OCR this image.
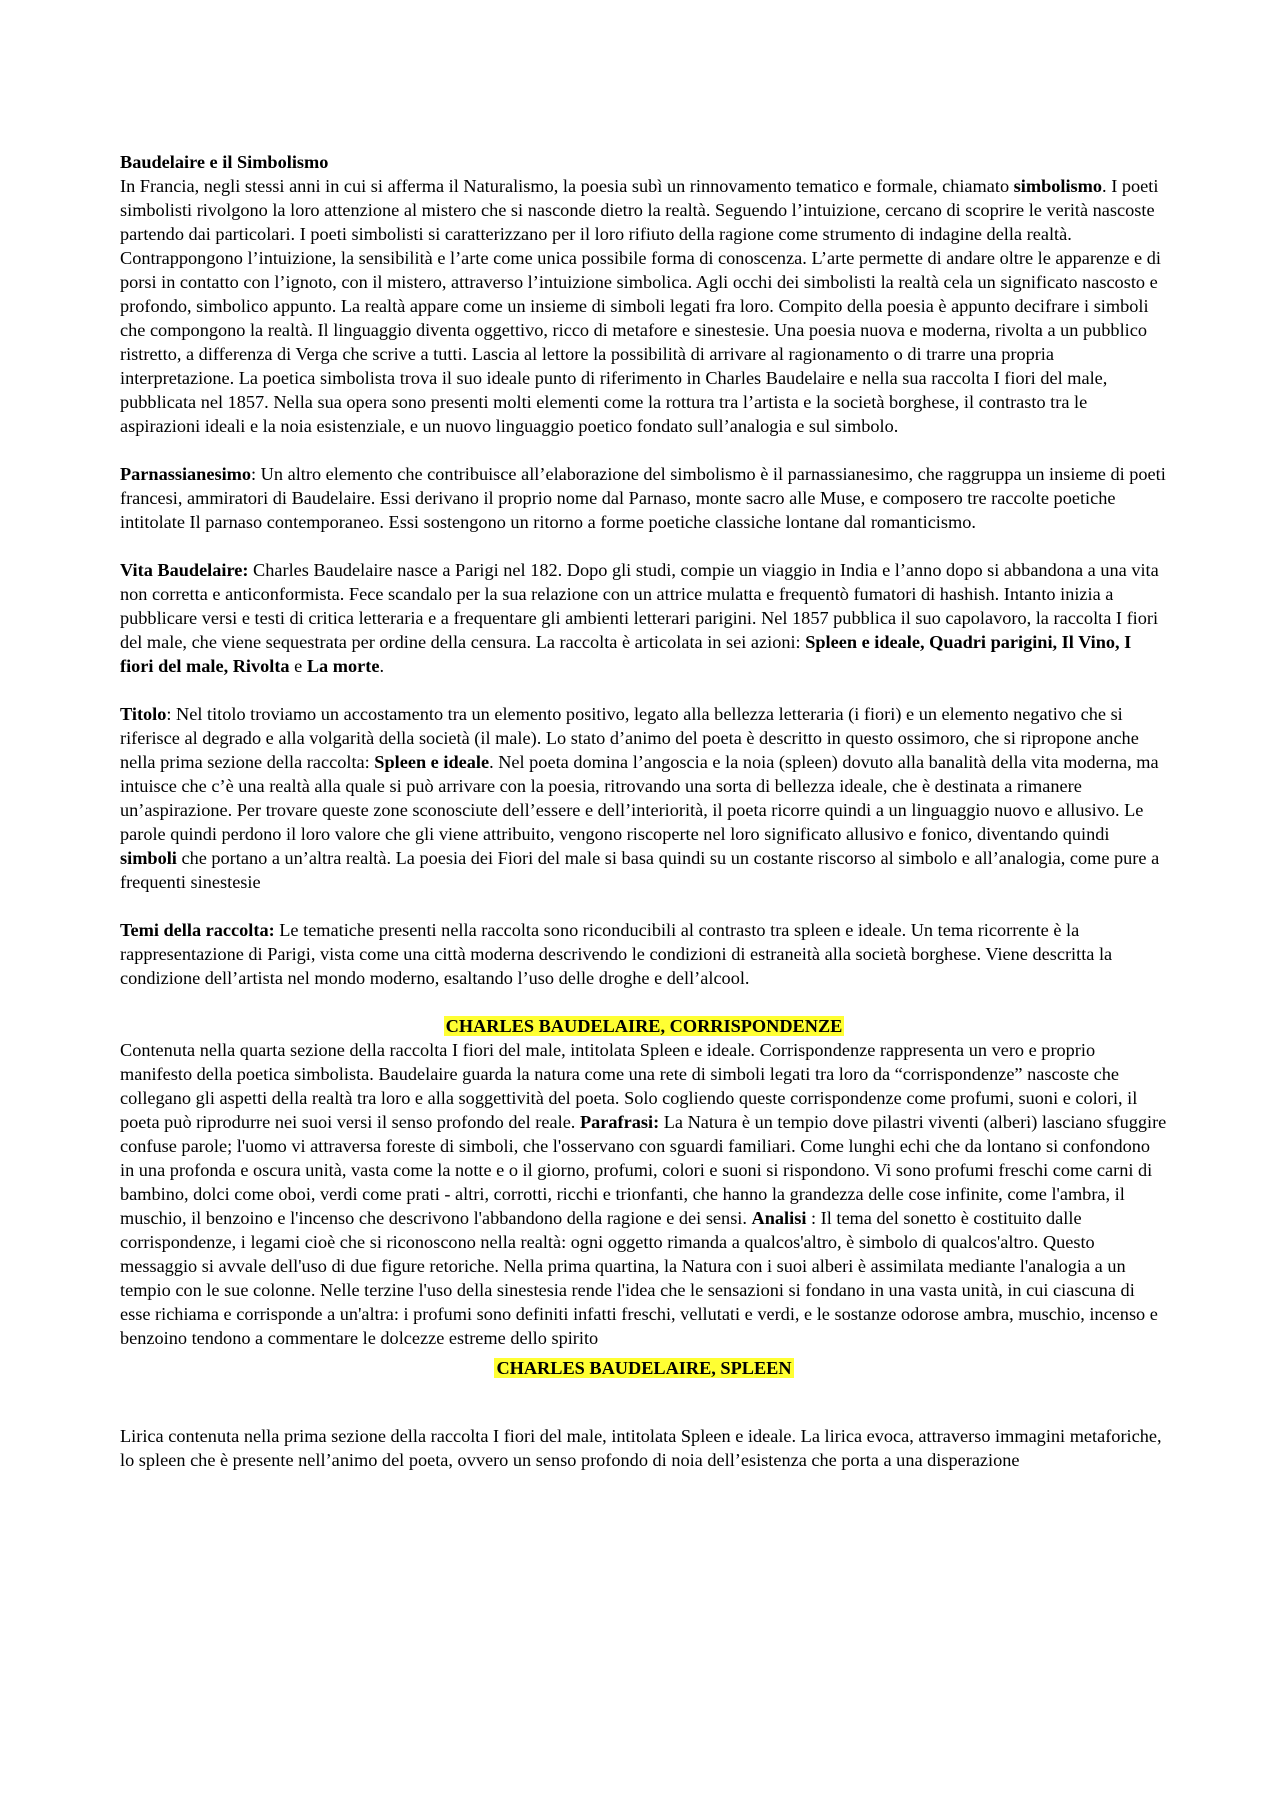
Baudelaire e il Simbolismo

In Francia, negli stessi anni in cui si afferma il Naturalismo, la poesia subì un rinnovamento tematico e formale, chiamato simbolismo. I poeti simbolisti rivolgono la loro attenzione al mistero che si nasconde dietro la realtà. Seguendo l’intuizione, cercano di scoprire le verità nascoste partendo dai particolari. I poeti simbolisti si caratterizzano per il loro rifiuto della ragione come strumento di indagine della realtà. Contrappongono l’intuizione, la sensibilità e l’arte come unica possibile forma di conoscenza. L’arte permette di andare oltre le apparenze e di porsi in contatto con l’ignoto, con il mistero, attraverso l’intuizione simbolica. Agli occhi dei simbolisti la realtà cela un significato nascosto e profondo, simbolico appunto. La realtà appare come un insieme di simboli legati fra loro. Compito della poesia è appunto decifrare i simboli che compongono la realtà. Il linguaggio diventa oggettivo, ricco di metafore e sinestesie. Una poesia nuova e moderna, rivolta a un pubblico ristretto, a differenza di Verga che scrive a tutti. Lascia al lettore la possibilità di arrivare al ragionamento o di trarre una propria interpretazione. La poetica simbolista trova il suo ideale punto di riferimento in Charles Baudelaire e nella sua raccolta I fiori del male, pubblicata nel 1857. Nella sua opera sono presenti molti elementi come la rottura tra l’artista e la società borghese, il contrasto tra le aspirazioni ideali e la noia esistenziale, e un nuovo linguaggio poetico fondato sull’analogia e sul simbolo.

Parnassianesimo: Un altro elemento che contribuisce all’elaborazione del simbolismo è il parnassianesimo, che raggruppa un insieme di poeti francesi, ammiratori di Baudelaire. Essi derivano il proprio nome dal Parnaso, monte sacro alle Muse, e composero tre raccolte poetiche intitolate Il parnaso contemporaneo. Essi sostengono un ritorno a forme poetiche classiche lontane dal romanticismo.

Vita Baudelaire: Charles Baudelaire nasce a Parigi nel 182. Dopo gli studi, compie un viaggio in India e l’anno dopo si abbandona a una vita non corretta e anticonformista. Fece scandalo per la sua relazione con un attrice mulatta e frequentò fumatori di hashish. Intanto inizia a pubblicare versi e testi di critica letteraria e a frequentare gli ambienti letterari parigini. Nel 1857 pubblica il suo capolavoro, la raccolta I fiori del male, che viene sequestrata per ordine della censura. La raccolta è articolata in sei azioni: Spleen e ideale, Quadri parigini, Il Vino, I fiori del male, Rivolta e La morte.

Titolo: Nel titolo troviamo un accostamento tra un elemento positivo, legato alla bellezza letteraria (i fiori) e un elemento negativo che si riferisce al degrado e alla volgarità della società (il male). Lo stato d’animo del poeta è descritto in questo ossimoro, che si ripropone anche nella prima sezione della raccolta: Spleen e ideale. Nel poeta domina l’angoscia e la noia (spleen) dovuto alla banalità della vita moderna, ma intuisce che c’è una realtà alla quale si può arrivare con la poesia, ritrovando una sorta di bellezza ideale, che è destinata a rimanere un’aspirazione. Per trovare queste zone sconosciute dell’essere e dell’interiorità, il poeta ricorre quindi a un linguaggio nuovo e allusivo. Le parole quindi perdono il loro valore che gli viene attribuito, vengono riscoperte nel loro significato allusivo e fonico, diventando quindi simboli che portano a un’altra realtà. La poesia dei Fiori del male si basa quindi su un costante riscorso al simbolo e all’analogia, come pure a frequenti sinestesie

Temi della raccolta: Le tematiche presenti nella raccolta sono riconducibili al contrasto tra spleen e ideale. Un tema ricorrente è la rappresentazione di Parigi, vista come una città moderna descrivendo le condizioni di estraneità alla società borghese. Viene descritta la condizione dell’artista nel mondo moderno, esaltando l’uso delle droghe e dell’alcool.

CHARLES BAUDELAIRE, CORRISPONDENZE

Contenuta nella quarta sezione della raccolta I fiori del male, intitolata Spleen e ideale. Corrispondenze rappresenta un vero e proprio manifesto della poetica simbolista. Baudelaire guarda la natura come una rete di simboli legati tra loro da “corrispondenze” nascoste che collegano gli aspetti della realtà tra loro e alla soggettività del poeta. Solo cogliendo queste corrispondenze come profumi, suoni e colori, il poeta può riprodurre nei suoi versi il senso profondo del reale. Parafrasi: La Natura è un tempio dove pilastri viventi (alberi) lasciano sfuggire confuse parole; l'uomo vi attraversa foreste di simboli, che l'osservano con sguardi familiari. Come lunghi echi che da lontano si confondono in una profonda e oscura unità, vasta come la notte e o il giorno, profumi, colori e suoni si rispondono. Vi sono profumi freschi come carni di bambino, dolci come oboi, verdi come prati - altri, corrotti, ricchi e trionfanti, che hanno la grandezza delle cose infinite, come l'ambra, il muschio, il benzoino e l'incenso che descrivono l'abbandono della ragione e dei sensi. Analisi : Il tema del sonetto è costituito dalle corrispondenze, i legami cioè che si riconoscono nella realtà: ogni oggetto rimanda a qualcos'altro, è simbolo di qualcos'altro. Questo messaggio si avvale dell'uso di due figure retoriche. Nella prima quartina, la Natura con i suoi alberi è assimilata mediante l'analogia a un tempio con le sue colonne. Nelle terzine l'uso della sinestesia rende l'idea che le sensazioni si fondano in una vasta unità, in cui ciascuna di esse richiama e corrisponde a un'altra: i profumi sono definiti infatti freschi, vellutati e verdi, e le sostanze odorose ambra, muschio, incenso e benzoino tendono a commentare le dolcezze estreme dello spirito

CHARLES BAUDELAIRE, SPLEEN

Lirica contenuta nella prima sezione della raccolta I fiori del male, intitolata Spleen e ideale. La lirica evoca, attraverso immagini metaforiche, lo spleen che è presente nell’animo del poeta, ovvero un senso profondo di noia dell’esistenza che porta a una disperazione
